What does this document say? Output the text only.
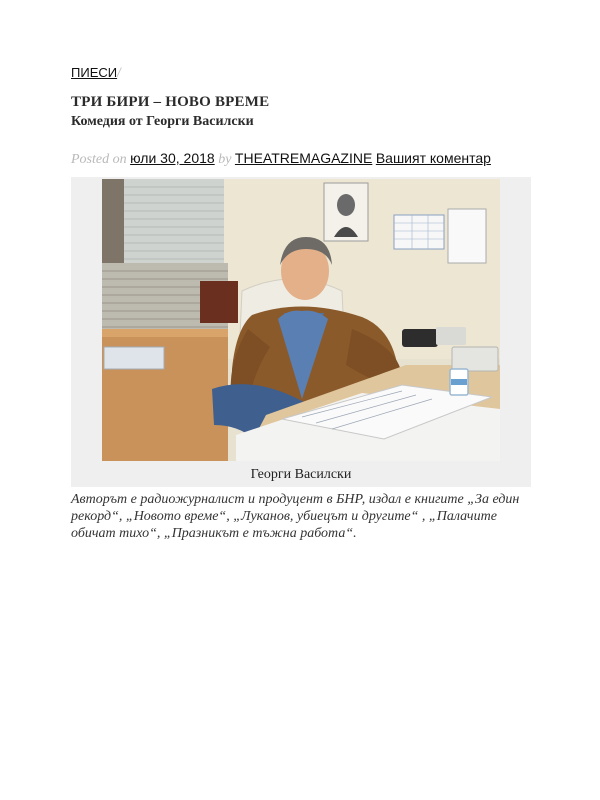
ПИЕСИ/

ТРИ БИРИ – НОВО ВРЕМЕ
Комедия от Георги Василски
Posted on юли 30, 2018 by THEATREMAGAZINE Вашият коментар
Георги Василски

Авторът е радиожурналист и продуцент в БНР, издал е книгите „За един рекорд“, „Новото време“, „Луканов, убиецът и другите“ , „Палачите обичат тихо“, „Празникът е тъжна работа“.
